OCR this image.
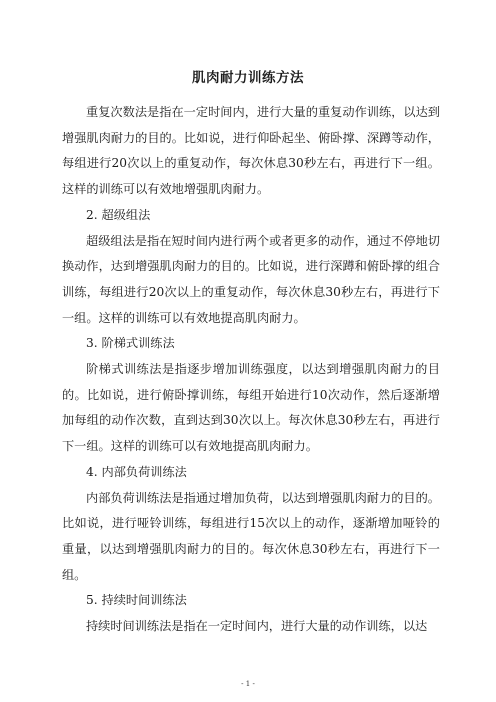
肌肉耐力训练方法

重复次数法是指在一定时间内，进行大量的重复动作训练，以达到增强肌肉耐力的目的。比如说，进行仰卧起坐、俯卧撑、深蹲等动作，每组进行20次以上的重复动作，每次休息30秒左右，再进行下一组。这样的训练可以有效地增强肌肉耐力。

2. 超级组法

超级组法是指在短时间内进行两个或者更多的动作，通过不停地切换动作，达到增强肌肉耐力的目的。比如说，进行深蹲和俯卧撑的组合训练，每组进行20次以上的重复动作，每次休息30秒左右，再进行下一组。这样的训练可以有效地提高肌肉耐力。

3. 阶梯式训练法

阶梯式训练法是指逐步增加训练强度，以达到增强肌肉耐力的目的。比如说，进行俯卧撑训练，每组开始进行10次动作，然后逐渐增加每组的动作次数，直到达到30次以上。每次休息30秒左右，再进行下一组。这样的训练可以有效地提高肌肉耐力。

4. 内部负荷训练法

内部负荷训练法是指通过增加负荷，以达到增强肌肉耐力的目的。比如说，进行哑铃训练，每组进行15次以上的动作，逐渐增加哑铃的重量，以达到增强肌肉耐力的目的。每次休息30秒左右，再进行下一组。

5. 持续时间训练法

持续时间训练法是指在一定时间内，进行大量的动作训练，以达

- 1 -
